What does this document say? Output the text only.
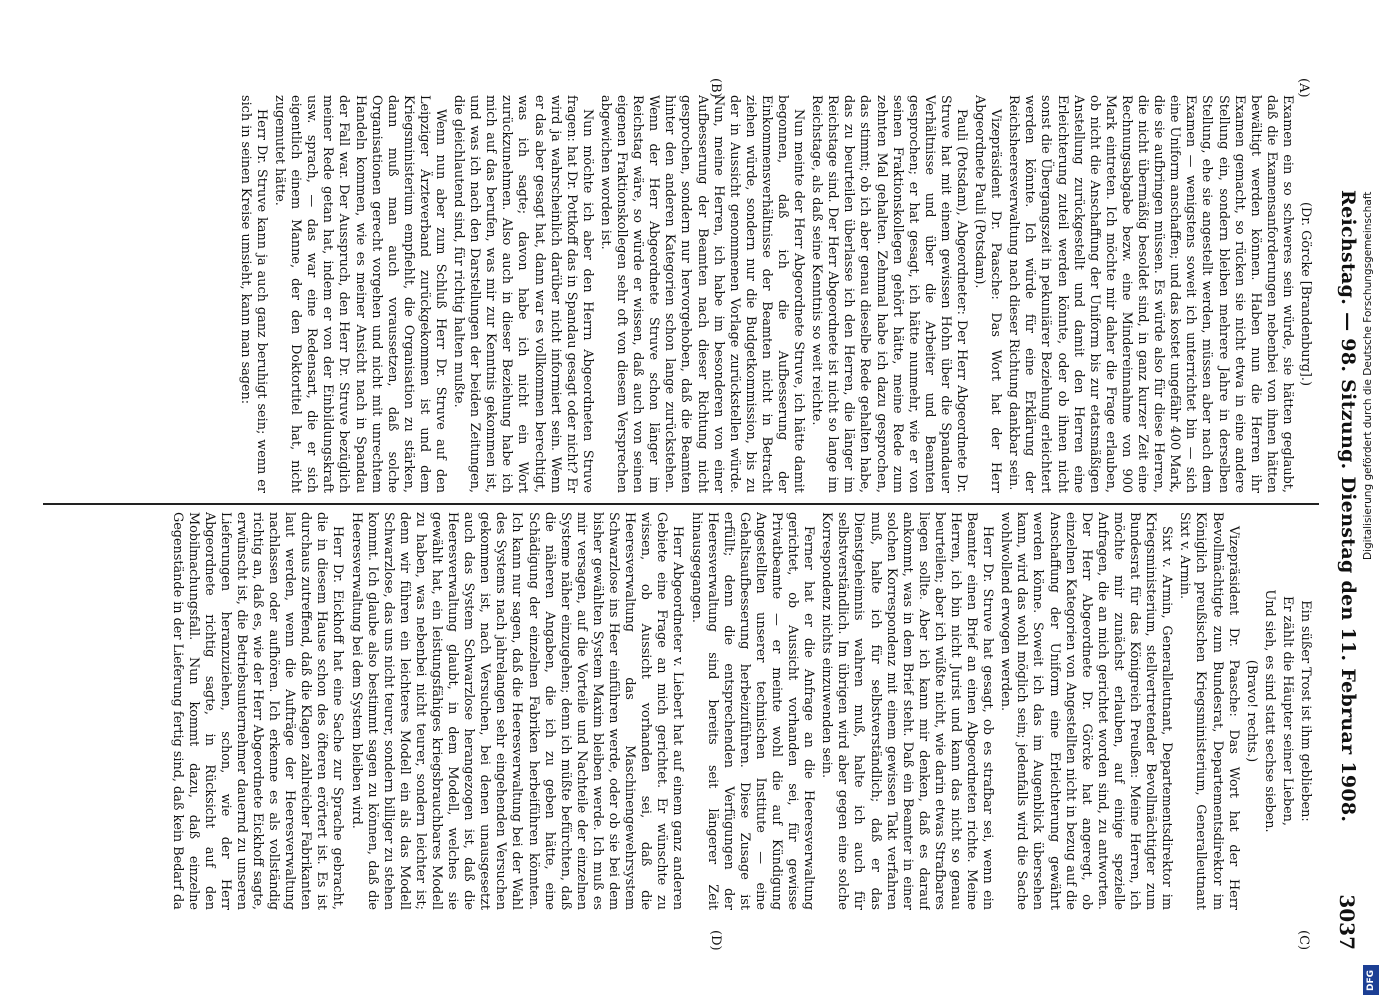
Reichstag. — 98. Sitzung. Dienstag den 11. Februar 1908.
3037
(A)
(B)
(C)
(D)

(Dr. Görcke [Brandenburg].)

Examen ein so schweres sein würde, sie hätten geglaubt, daß die Examensanforderungen nebenbei von ihnen hätten bewältigt werden können. Haben nun die Herren ihr Examen gemacht, so rücken sie nicht etwa in eine andere Stellung ein, sondern bleiben mehrere Jahre in derselben Stellung, ehe sie angestellt werden, müssen aber nach dem Examen — wenigstens soweit ich unterrichtet bin — sich eine Uniform anschaffen; und das kostet ungefähr 400 Mark, die sie aufbringen müssen. Es würde also für diese Herren, die nicht übermäßig besoldet sind, in ganz kurzer Zeit eine Rechnungsabgabe bezw. eine Mindereinnahme von 900 Mark eintreten. Ich möchte mir daher die Frage erlauben, ob nicht die Anschaffung der Uniform bis zur etatsmäßigen Anstellung zurückgestellt und damit den Herren eine Erleichterung zuteil werden könnte, oder ob ihnen nicht sonst die Übergangszeit in pekuniärer Beziehung erleichtert werden könnte. Ich würde für eine Erklärung der Reichsheeresverwaltung nach dieser Richtung dankbar sein.

Vizepräsident Dr. Paasche: Das Wort hat der Herr Abgeordnete Pauli (Potsdam).

Pauli (Potsdam), Abgeordneter: Der Herr Abgeordnete Dr. Struve hat mit einem gewissen Hohn über die Spandauer Verhältnisse und über die Arbeiter und Beamten gesprochen; er hat gesagt, ich hätte nunmehr, wie er von seinen Fraktionskollegen gehört hätte, meine Rede zum zehnten Mal gehalten. Zehnmal habe ich dazu gesprochen, das stimmt; ob ich aber genau dieselbe Rede gehalten habe, das zu beurteilen überlasse ich den Herren, die länger im Reichstage sind. Der Herr Abgeordnete ist nicht so lange im Reichstage, als daß seine Kenntnis so weit reichte.

Nun meinte der Herr Abgeordnete Struve, ich hätte damit begonnen, daß ich die Aufbesserung der Einkommensverhältnisse der Beamten nicht in Betracht ziehen würde, sondern nur die Budgetkommission, bis zu der in Aussicht genommenen Vorlage zurückstellen würde. Nun, meine Herren, ich habe im besonderen von einer Aufbesserung der Beamten nach dieser Richtung nicht gesprochen, sondern nur hervorgehoben, daß die Beamten hinter den anderen Kategorien schon lange zurückstehen. Wenn der Herr Abgeordnete Struve schon länger im Reichstag wäre, so würde er wissen, daß auch von seinen eigenen Fraktionskollegen sehr oft von diesem Versprechen abgewichen worden ist.

Nun möchte ich aber den Herrn Abgeordneten Struve fragen: hat Dr. Pottkoff das in Spandau gesagt oder nicht? Er wird ja wahrscheinlich darüber nicht informiert sein. Wenn er das aber gesagt hat, dann war es vollkommen berechtigt, was ich sagte; davon habe ich nicht ein Wort zurückzunehmen. Also auch in dieser Beziehung habe ich mich auf das berufen, was mir zur Kenntnis gekommen ist, und was ich nach den Darstellungen der beiden Zeitungen, die gleichlautend sind, für richtig halten mußte.

Wenn nun aber zum Schluß Herr Dr. Struve auf den Leipziger Ärzteverband zurückgekommen ist und dem Kriegsministerium empfiehlt, die Organisation zu stärken, dann muß man auch voraussetzen, daß solche Organisationen gerecht vorgehen und nicht mit unrechtem Handeln kommen, wie es meiner Ansicht nach in Spandau der Fall war. Der Ausspruch, den Herr Dr. Struve bezüglich meiner Rede getan hat, indem er von der Einbildungskraft usw. sprach, — das war eine Redensart, die er sich eigentlich einem Manne, der den Doktortitel hat, nicht zugemutet hätte.

Herr Dr. Struve kann ja auch ganz beruhigt sein; wenn er sich in seinen Kreise umsieht, kann man sagen:

Ein süßer Trost ist ihm geblieben:

Er zählt die Häupter seiner Lieben,

Und sieh, es sind statt sechse sieben.

(Bravo! rechts.)

Vizepräsident Dr. Paasche: Das Wort hat der Herr Bevollmächtigte zum Bundesrat, Departementsdirektor im Königlich preußischen Kriegsministerium, Generalleutnant Sixt v. Armin.

Sixt v. Armin, Generalleutnant, Departementsdirektor im Kriegsministerium, stellvertretender Bevollmächtigter zum Bundesrat für das Königreich Preußen: Meine Herren, ich möchte mir zunächst erlauben, auf einige spezielle Anfragen, die an mich gerichtet worden sind, zu antworten. Der Herr Abgeordnete Dr. Görcke hat angeregt, ob einzelnen Kategorien von Angestellten nicht in bezug auf die Anschaffung der Uniform eine Erleichterung gewährt werden könne. Soweit ich das im Augenblick übersehen kann, wird das wohl möglich sein; jedenfalls wird die Sache wohlwollend erwogen werden.

Herr Dr. Struve hat gesagt, ob es strafbar sei, wenn ein Beamter einen Brief an einen Abgeordneten richte. Meine Herren, ich bin nicht Jurist und kann das nicht so genau beurteilen; aber ich wüßte nicht, wie darin etwas Strafbares liegen sollte. Aber ich kann mir denken, daß es darauf ankommt, was in dem Brief steht. Daß ein Beamter in einer solchen Korrespondenz mit einem gewissen Takt verfahren muß, halte ich für selbstverständlich; daß er das Dienstgeheimnis wahren muß, halte ich auch für selbstverständlich. Im übrigen wird aber gegen eine solche Korrespondenz nichts einzuwenden sein.

Ferner hat er die Anfrage an die Heeresverwaltung gerichtet, ob Aussicht vorhanden sei, für gewisse Privatbeamte — er meinte wohl die auf Kündigung Angestellten unserer technischen Institute — eine Gehaltsaufbesserung herbeizuführen. Diese Zusage ist erfüllt; denn die entsprechenden Verfügungen der Heeresverwaltung sind bereits seit längerer Zeit hinausgegangen.

Herr Abgeordneter v. Liebert hat auf einem ganz anderen Gebiete eine Frage an mich gerichtet. Er wünschte zu wissen, ob Aussicht vorhanden sei, daß die Heeresverwaltung das Maschinengewehrsystem Schwarzlose ins Heer einführen werde, oder ob sie bei dem bisher gewählten System Maxim bleiben werde. Ich muß es mir versagen, auf die Vorteile und Nachteile der einzelnen Systeme näher einzugehen; denn ich müßte befürchten, daß die näheren Angaben, die ich zu geben hätte, eine Schädigung der einzelnen Fabriken herbeiführen könnten. Ich kann nur sagen, daß die Heeresverwaltung bei der Wahl des Systems nach jahrelangen sehr eingehenden Versuchen gekommen ist, nach Versuchen, bei denen unausgesetzt auch das System Schwarzlose herangezogen ist, daß die Heeresverwaltung glaubt, in dem Modell, welches sie gewählt hat, ein leistungsfähiges kriegsbrauchbares Modell zu haben, was nebenbei nicht teurer, sondern leichter ist; denn wir führen ein leichteres Modell ein als das Modell Schwarzlose, das uns nicht teurer, sondern billiger zu stehen kommt. Ich glaube also bestimmt sagen zu können, daß die Heeresverwaltung bei dem System bleiben wird.

Herr Dr. Eickhoff hat eine Sache zur Sprache gebracht, die in diesem Hause schon des öfteren erörtert ist. Es ist durchaus zutreffend, daß die Klagen zahlreicher Fabrikanten laut werden, wenn die Aufträge der Heeresverwaltung nachlassen oder aufhören. Ich erkenne es als vollständig richtig an, daß es, wie der Herr Abgeordnete Eickhoff sagte, erwünscht ist, die Betriebsunternehmer dauernd zu unseren Lieferungen heranzuziehen, schon, wie der Herr Abgeordnete richtig sagte, in Rücksicht auf den Mobilmachungsfall. Nun kommt dazu, daß einzelne Gegenstände in der Lieferung fertig sind, daß kein Bedarf da

Digitalisierung gefördert durch die Deutsche Forschungsgemeinschaft
DFG
